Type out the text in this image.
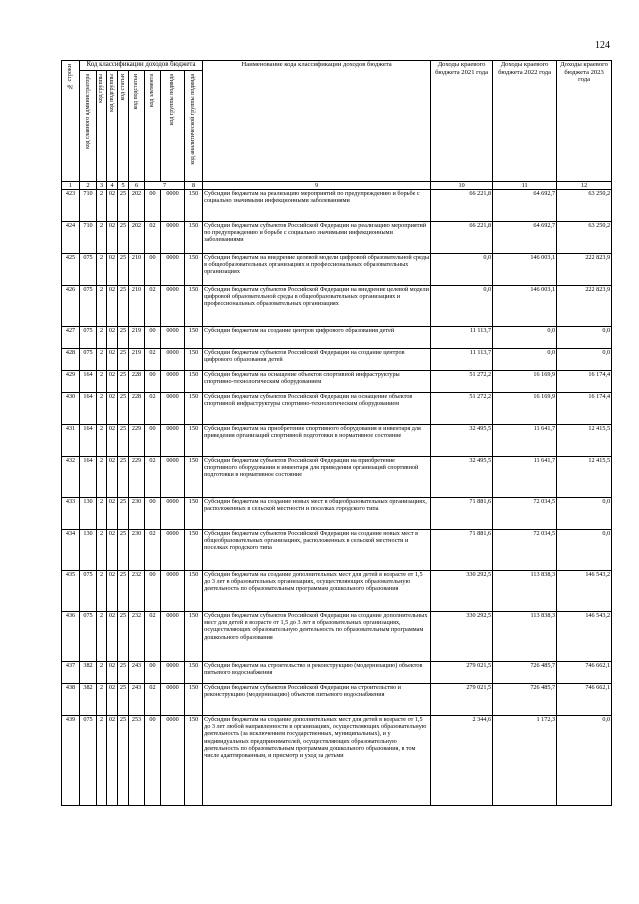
124
№ строки	Код классификации доходов бюджета								Наименование кода классификации доходов бюджета	Доходы краевого бюджета 2021 года	Доходы краевого бюджета 2022 года	Доходы краевого бюджета 2023 года

	код главного администратора	код группы	код подгруппы	код статьи	код подстатьи	код элемента	код группы подвида	код аналитической группы подвида				

1	2	3	4	5	6	7		8	9	10	11	12
423	710	2	02	25	202	00	0000	150	Субсидии бюджетам на реализацию мероприятий по предупреждению и борьбе с социально значимыми инфекционными заболеваниями	66 221,8	64 692,7	63 250,2
424	710	2	02	25	202	02	0000	150	Субсидии бюджетам субъектов Российской Федерации на реализацию мероприятий по предупреждению и борьбе с социально значимыми инфекционными заболеваниями	66 221,8	64 692,7	63 250,2
425	075	2	02	25	210	00	0000	150	Субсидии бюджетам на внедрение целевой модели цифровой образовательной среды в общеобразовательных организациях и профессиональных образовательных организациях	0,0	146 003,1	222 823,9
426	075	2	02	25	210	02	0000	150	Субсидии бюджетам субъектов Российской Федерации на внедрение целевой модели цифровой образовательной среды в общеобразовательных организациях и профессиональных образовательных организациях	0,0	146 003,1	222 823,9
427	075	2	02	25	219	00	0000	150	Субсидии бюджетам на создание центров цифрового образования детей	11 113,7	0,0	0,0
428	075	2	02	25	219	02	0000	150	Субсидии бюджетам субъектов Российской Федерации на создание центров цифрового образования детей	11 113,7	0,0	0,0
429	164	2	02	25	228	00	0000	150	Субсидии бюджетам на оснащение объектов спортивной инфраструктуры спортивно-технологическим оборудованием	51 272,2	16 169,9	16 174,4
430	164	2	02	25	228	02	0000	150	Субсидии бюджетам субъектов Российской Федерации на оснащение объектов спортивной инфраструктуры спортивно-технологическим оборудованием	51 272,2	16 169,9	16 174,4
431	164	2	02	25	229	00	0000	150	Субсидии бюджетам на приобретение спортивного оборудования и инвентаря для приведения организаций спортивной подготовки в нормативное состояние	32 495,5	11 641,7	12 415,5
432	164	2	02	25	229	02	0000	150	Субсидии бюджетам субъектов Российской Федерации на приобретение спортивного оборудования и инвентаря для приведения организаций спортивной подготовки в нормативное состояние	32 495,5	11 641,7	12 415,5
433	130	2	02	25	230	00	0000	150	Субсидии бюджетам на создание новых мест в общеобразовательных организациях, расположенных в сельской местности и поселках городского типа	71 881,6	72 034,5	0,0
434	130	2	02	25	230	02	0000	150	Субсидии бюджетам субъектов Российской Федерации на создание новых мест в общеобразовательных организациях, расположенных в сельской местности и поселках городского типа	71 881,6	72 034,5	0,0
435	075	2	02	25	232	00	0000	150	Субсидии бюджетам на создание дополнительных мест для детей в возрасте от 1,5 до 3 лет в образовательных организациях, осуществляющих образовательную деятельность по образовательным программам дошкольного образования	330 292,5	113 838,3	146 543,2
436	075	2	02	25	232	02	0000	150	Субсидии бюджетам субъектов Российской Федерации на создание дополнительных мест для детей в возрасте от 1,5 до 3 лет в образовательных организациях, осуществляющих образовательную деятельность по образовательным программам дошкольного образования	330 292,5	113 838,3	146 543,2
437	382	2	02	25	243	00	0000	150	Субсидии бюджетам на строительство и реконструкцию (модернизацию) объектов питьевого водоснабжения	279 021,5	726 485,7	746 662,1
438	382	2	02	25	243	02	0000	150	Субсидии бюджетам субъектов Российской Федерации на строительство и реконструкцию (модернизацию) объектов питьевого водоснабжения	279 021,5	726 485,7	746 662,1
439	075	2	02	25	253	00	0000	150	Субсидии бюджетам на создание дополнительных мест для детей в возрасте от 1,5 до 3 лет любой направленности в организациях, осуществляющих образовательную деятельность (за исключением государственных, муниципальных), и у индивидуальных предпринимателей, осуществляющих образовательную деятельность по образовательным программам дошкольного образования, в том числе адаптированным, и присмотр и уход за детьми	2 344,6	1 172,3	0,0
